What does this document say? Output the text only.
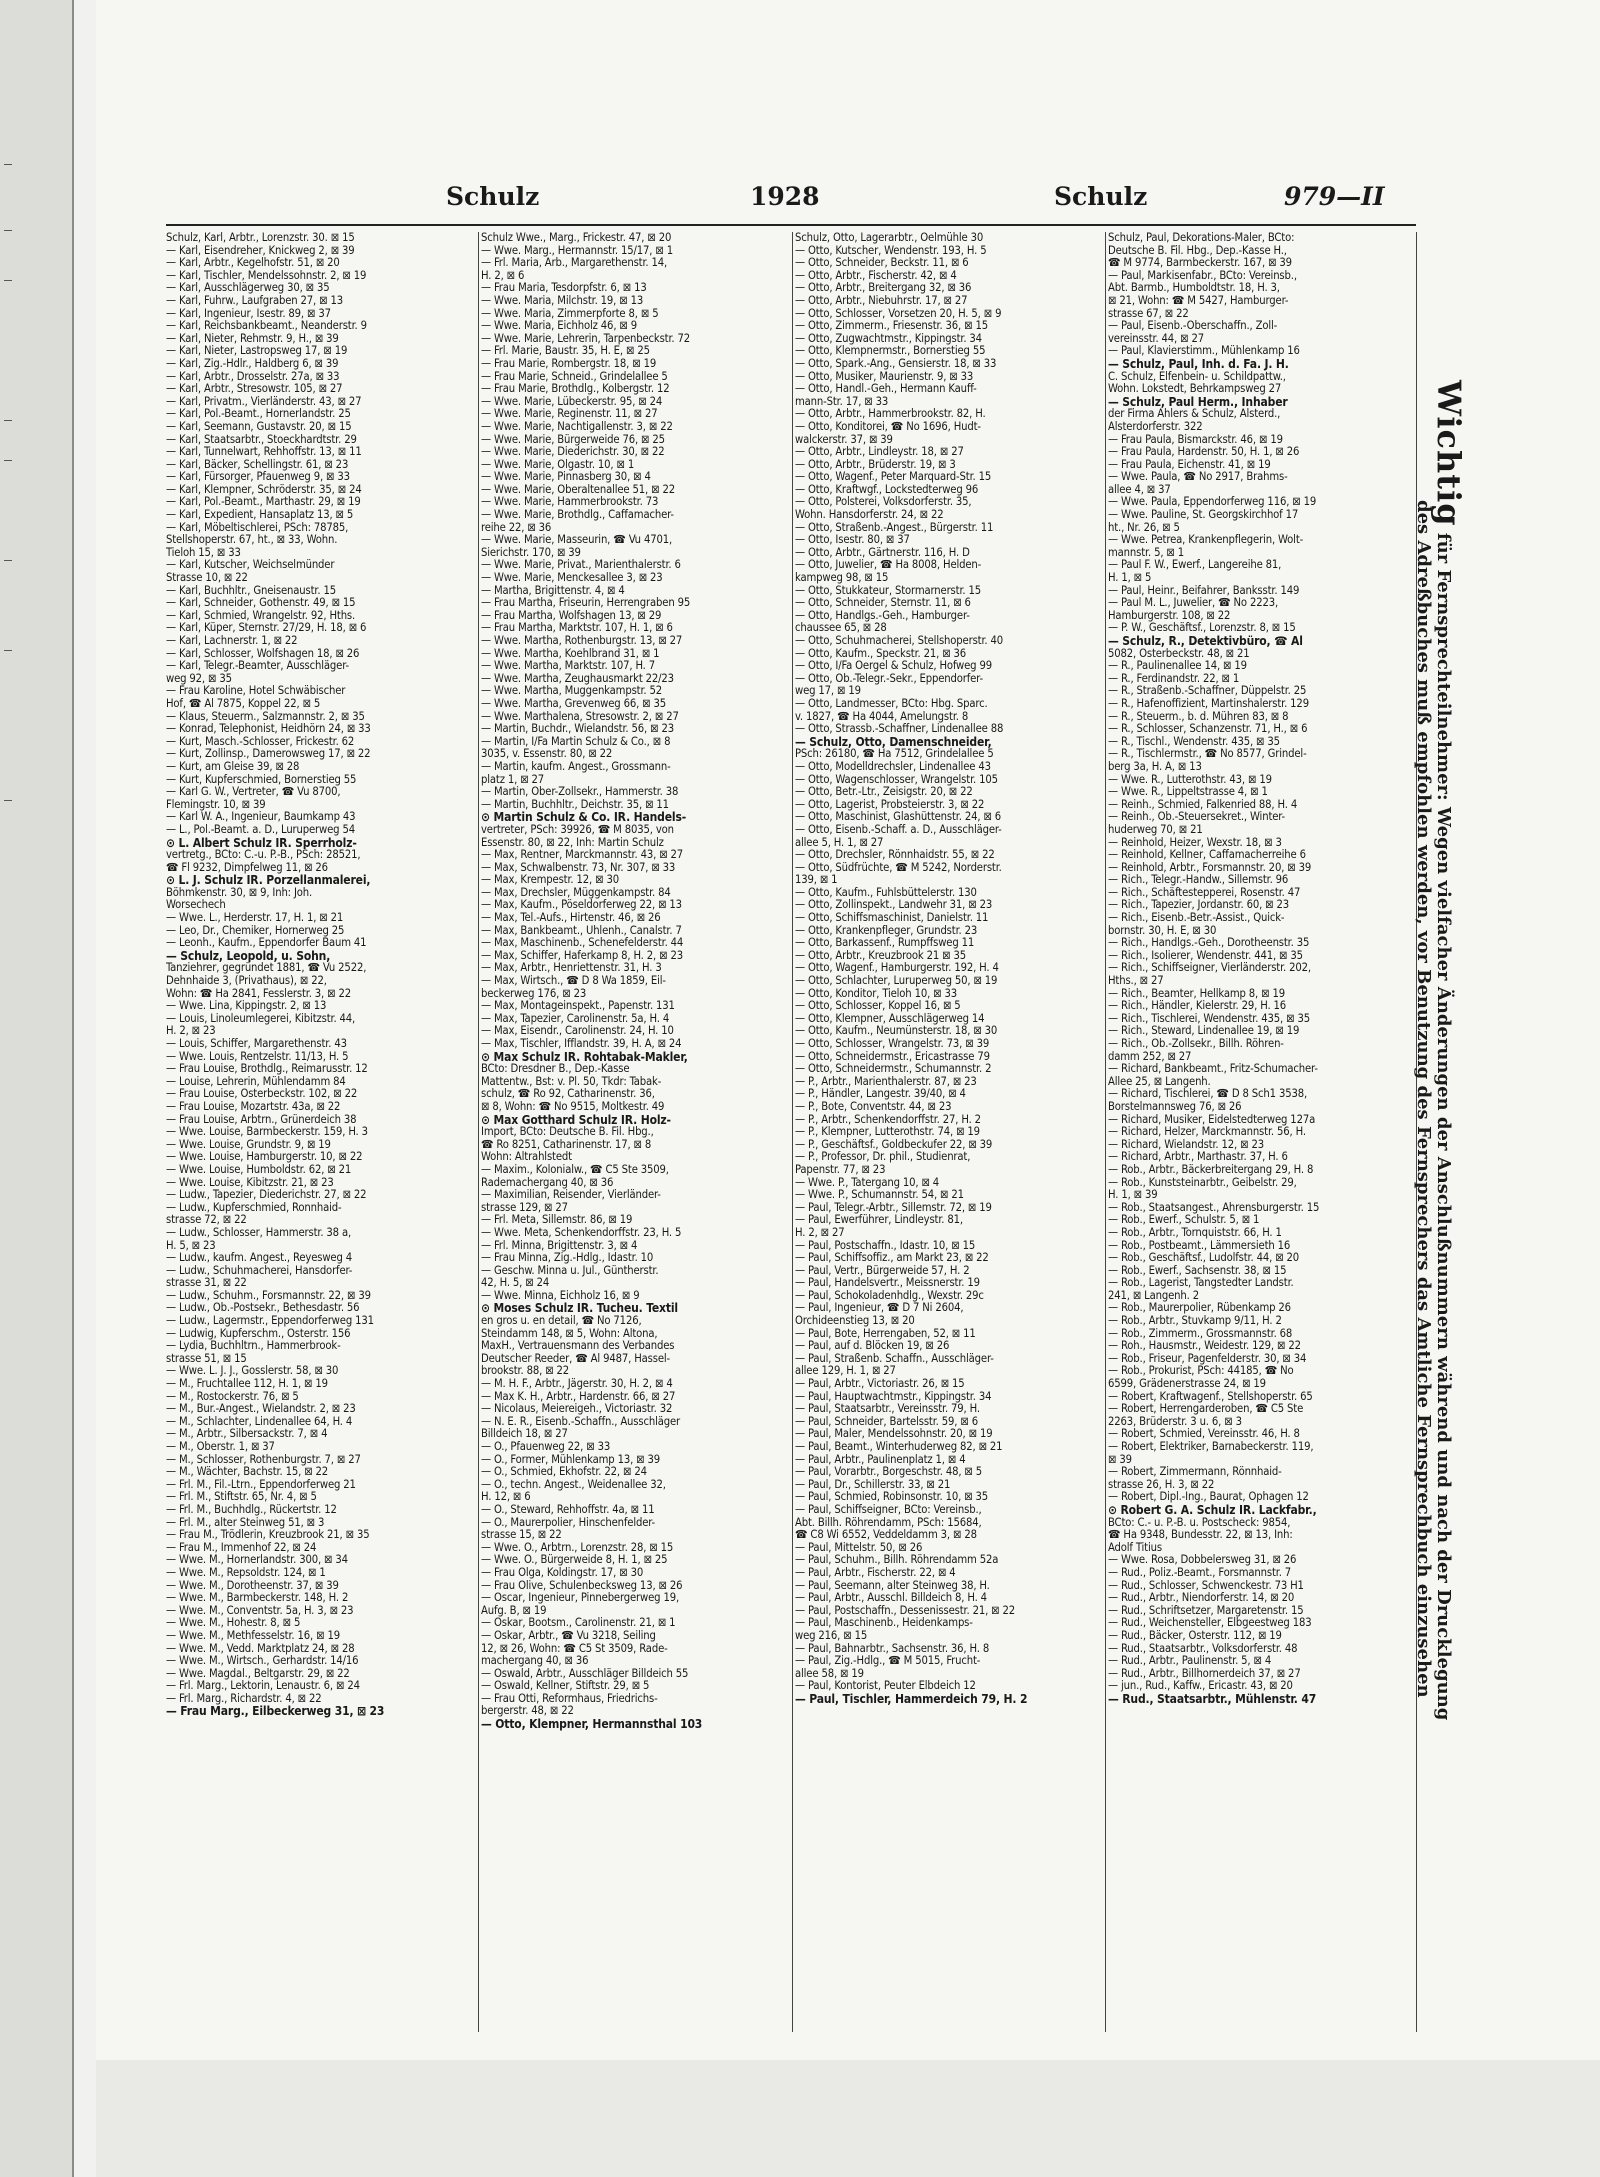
Schulz	1928	Schulz	979—II
Schulz, Karl, Arbtr., Lorenzstr. 30. ⊠ 15
— Karl, Eisendreher, Knickweg 2, ⊠ 39
— Karl, Arbtr., Kegelhofstr. 51, ⊠ 20
— Karl, Tischler, Mendelssohnstr. 2, ⊠ 19
— Karl, Ausschlägerweg 30, ⊠ 35
— Karl, Fuhrw., Laufgraben 27, ⊠ 13
— Karl, Ingenieur, Isestr. 89, ⊠ 37
— Karl, Reichsbankbeamt., Neanderstr. 9
— Karl, Nieter, Rehmstr. 9, H., ⊠ 39
— Karl, Nieter, Lastropsweg 17, ⊠ 19
— Karl, Zig.-Hdlr., Haldberg 6, ⊠ 39
— Karl, Arbtr., Drosselstr. 27a, ⊠ 33
— Karl, Arbtr., Stresowstr. 105, ⊠ 27
— Karl, Privatm., Vierländerstr. 43, ⊠ 27
— Karl, Pol.-Beamt., Hornerlandstr. 25
— Karl, Seemann, Gustavstr. 20, ⊠ 15
— Karl, Staatsarbtr., Stoeckhardtstr. 29
— Karl, Tunnelwart, Rehhoffstr. 13, ⊠ 11
— Karl, Bäcker, Schellingstr. 61, ⊠ 23
— Karl, Fürsorger, Pfauenweg 9, ⊠ 33
— Karl, Klempner, Schröderstr. 35, ⊠ 24
— Karl, Pol.-Beamt., Marthastr. 29, ⊠ 19
— Karl, Expedient, Hansaplatz 13, ⊠ 5
— Karl, Möbeltischlerei, PSch: 78785,
Stellshoperstr. 67, ht., ⊠ 33, Wohn.
Tieloh 15, ⊠ 33
— Karl, Kutscher, Weichselmünder
Strasse 10, ⊠ 22
— Karl, Buchhltr., Gneisenaustr. 15
— Karl, Schneider, Gothenstr. 49, ⊠ 15
— Karl, Schmied, Wrangelstr. 92, Hths.
— Karl, Küper, Sternstr. 27/29, H. 18, ⊠ 6
— Karl, Lachnerstr. 1, ⊠ 22
— Karl, Schlosser, Wolfshagen 18, ⊠ 26
— Karl, Telegr.-Beamter, Ausschläger-
weg 92, ⊠ 35
— Frau Karoline, Hotel Schwäbischer
Hof, ☎ Al 7875, Koppel 22, ⊠ 5
— Klaus, Steuerm., Salzmannstr. 2, ⊠ 35
— Konrad, Telephonist, Heidhörn 24, ⊠ 33
— Kurt, Masch.-Schlosser, Frickestr. 62
— Kurt, Zollinsp., Damerowsweg 17, ⊠ 22
— Kurt, am Gleise 39, ⊠ 28
— Kurt, Kupferschmied, Bornerstieg 55
— Karl G. W., Vertreter, ☎ Vu 8700,
Flemingstr. 10, ⊠ 39
— Karl W. A., Ingenieur, Baumkamp 43
— L., Pol.-Beamt. a. D., Luruperweg 54
⊙ L. Albert Schulz IR. Sperrholz-
vertretg., BCto: C.-u. P.-B., PSch: 28521,
☎ Fl 9232, Dimpfelweg 11, ⊠ 26
⊙ L. J. Schulz IR. Porzellanmalerei,
Böhmkenstr. 30, ⊠ 9, Inh: Joh.
Worsechech
— Wwe. L., Herderstr. 17, H. 1, ⊠ 21
— Leo, Dr., Chemiker, Hornerweg 25
— Leonh., Kaufm., Eppendorfer Baum 41
— Schulz, Leopold, u. Sohn,
Tanziehrer, gegründet 1881, ☎ Vu 2522,
Dehnhaide 3, (Privathaus), ⊠ 22,
Wohn: ☎ Ha 2841, Fesslerstr. 3, ⊠ 22
— Wwe. Lina, Kippingstr. 2, ⊠ 13
— Louis, Linoleumlegerei, Kibitzstr. 44,
H. 2, ⊠ 23
— Louis, Schiffer, Margarethenstr. 43
— Wwe. Louis, Rentzelstr. 11/13, H. 5
— Frau Louise, Brothdlg., Reimarusstr. 12
— Louise, Lehrerin, Mühlendamm 84
— Frau Louise, Osterbeckstr. 102, ⊠ 22
— Frau Louise, Mozartstr. 43a, ⊠ 22
— Frau Louise, Arbtrn., Grünerdeich 38
— Wwe. Louise, Barmbeckerstr. 159, H. 3
— Wwe. Louise, Grundstr. 9, ⊠ 19
— Wwe. Louise, Hamburgerstr. 10, ⊠ 22
— Wwe. Louise, Humboldstr. 62, ⊠ 21
— Wwe. Louise, Kibitzstr. 21, ⊠ 23
— Ludw., Tapezier, Diederichstr. 27, ⊠ 22
— Ludw., Kupferschmied, Ronnhaid-
strasse 72, ⊠ 22
— Ludw., Schlosser, Hammerstr. 38 a,
H. 5, ⊠ 23
— Ludw., kaufm. Angest., Reyesweg 4
— Ludw., Schuhmacherei, Hansdorfer-
strasse 31, ⊠ 22
— Ludw., Schuhm., Forsmannstr. 22, ⊠ 39
— Ludw., Ob.-Postsekr., Bethesdastr. 56
— Ludw., Lagermstr., Eppendorferweg 131
— Ludwig, Kupferschm., Osterstr. 156
— Lydia, Buchhltrn., Hammerbrook-
strasse 51, ⊠ 15
— Wwe. L. J. J., Gosslerstr. 58, ⊠ 30
— M., Fruchtallee 112, H. 1, ⊠ 19
— M., Rostockerstr. 76, ⊠ 5
— M., Bur.-Angest., Wielandstr. 2, ⊠ 23
— M., Schlachter, Lindenallee 64, H. 4
— M., Arbtr., Silbersackstr. 7, ⊠ 4
— M., Oberstr. 1, ⊠ 37
— M., Schlosser, Rothenburgstr. 7, ⊠ 27
— M., Wächter, Bachstr. 15, ⊠ 22
— Frl. M., Fil.-Ltrn., Eppendorferweg 21
— Frl. M., Stiftstr. 65, Nr. 4, ⊠ 5
— Frl. M., Buchhdlg., Rückertstr. 12
— Frl. M., alter Steinweg 51, ⊠ 3
— Frau M., Trödlerin, Kreuzbrook 21, ⊠ 35
— Frau M., Immenhof 22, ⊠ 24
— Wwe. M., Hornerlandstr. 300, ⊠ 34
— Wwe. M., Repsoldstr. 124, ⊠ 1
— Wwe. M., Dorotheenstr. 37, ⊠ 39
— Wwe. M., Barmbeckerstr. 148, H. 2
— Wwe. M., Conventstr. 5a, H. 3, ⊠ 23
— Wwe. M., Hohestr. 8, ⊠ 5
— Wwe. M., Methfesselstr. 16, ⊠ 19
— Wwe. M., Vedd. Marktplatz 24, ⊠ 28
— Wwe. M., Wirtsch., Gerhardstr. 14/16
— Wwe. Magdal., Beltgarstr. 29, ⊠ 22
— Frl. Marg., Lektorin, Lenaustr. 6, ⊠ 24
— Frl. Marg., Richardstr. 4, ⊠ 22
— Frau Marg., Eilbeckerweg 31, ⊠ 23
Schulz Wwe., Marg., Frickestr. 47, ⊠ 20
— Wwe. Marg., Hermannstr. 15/17, ⊠ 1
— Frl. Maria, Arb., Margarethenstr. 14,
H. 2, ⊠ 6
— Frau Maria, Tesdorpfstr. 6, ⊠ 13
— Wwe. Maria, Milchstr. 19, ⊠ 13
— Wwe. Maria, Zimmerpforte 8, ⊠ 5
— Wwe. Maria, Eichholz 46, ⊠ 9
— Wwe. Marie, Lehrerin, Tarpenbeckstr. 72
— Frl. Marie, Baustr. 35, H. E, ⊠ 25
— Frau Marie, Rombergstr. 18, ⊠ 19
— Frau Marie, Schneid., Grindelallee 5
— Frau Marie, Brothdlg., Kolbergstr. 12
— Wwe. Marie, Lübeckerstr. 95, ⊠ 24
— Wwe. Marie, Reginenstr. 11, ⊠ 27
— Wwe. Marie, Nachtigallenstr. 3, ⊠ 22
— Wwe. Marie, Bürgerweide 76, ⊠ 25
— Wwe. Marie, Diederichstr. 30, ⊠ 22
— Wwe. Marie, Olgastr. 10, ⊠ 1
— Wwe. Marie, Pinnasberg 30, ⊠ 4
— Wwe. Marie, Oberaltenallee 51, ⊠ 22
— Wwe. Marie, Hammerbrookstr. 73
— Wwe. Marie, Brothdlg., Caffamacher-
reihe 22, ⊠ 36
— Wwe. Marie, Masseurin, ☎ Vu 4701,
Sierichstr. 170, ⊠ 39
— Wwe. Marie, Privat., Marienthalerstr. 6
— Wwe. Marie, Menckesallee 3, ⊠ 23
— Martha, Brigittenstr. 4, ⊠ 4
— Frau Martha, Friseurin, Herrengraben 95
— Frau Martha, Wolfshagen 13, ⊠ 29
— Frau Martha, Marktstr. 107, H. 1, ⊠ 6
— Wwe. Martha, Rothenburgstr. 13, ⊠ 27
— Wwe. Martha, Koehlbrand 31, ⊠ 1
— Wwe. Martha, Marktstr. 107, H. 7
— Wwe. Martha, Zeughausmarkt 22/23
— Wwe. Martha, Muggenkampstr. 52
— Wwe. Martha, Grevenweg 66, ⊠ 35
— Wwe. Marthalena, Stresowstr. 2, ⊠ 27
— Martin, Buchdr., Wielandstr. 56, ⊠ 23
— Martin, I/Fa Martin Schulz & Co., ⊠ 8
3035, v. Essenstr. 80, ⊠ 22
— Martin, kaufm. Angest., Grossmann-
platz 1, ⊠ 27
— Martin, Ober-Zollsekr., Hammerstr. 38
— Martin, Buchhltr., Deichstr. 35, ⊠ 11
⊙ Martin Schulz & Co. IR. Handels-
vertreter, PSch: 39926, ☎ M 8035, von
Essenstr. 80, ⊠ 22, Inh: Martin Schulz
— Max, Rentner, Marckmannstr. 43, ⊠ 27
— Max, Schwalbenstr. 73, Nr. 307, ⊠ 33
— Max, Krempestr. 12, ⊠ 30
— Max, Drechsler, Müggenkampstr. 84
— Max, Kaufm., Pöseldorferweg 22, ⊠ 13
— Max, Tel.-Aufs., Hirtenstr. 46, ⊠ 26
— Max, Bankbeamt., Uhlenh., Canalstr. 7
— Max, Maschinenb., Schenefelderstr. 44
— Max, Schiffer, Haferkamp 8, H. 2, ⊠ 23
— Max, Arbtr., Henriettenstr. 31, H. 3
— Max, Wirtsch., ☎ D 8 Wa 1859, Eil-
beckerweg 176, ⊠ 23
— Max, Montageinspekt., Papenstr. 131
— Max, Tapezier, Carolinenstr. 5a, H. 4
— Max, Eisendr., Carolinenstr. 24, H. 10
— Max, Tischler, Ifflandstr. 39, H. A, ⊠ 24
⊙ Max Schulz IR. Rohtabak-Makler,
BCto: Dresdner B., Dep.-Kasse
Mattentw., Bst: v. Pl. 50, Tkdr: Tabak-
schulz, ☎ Ro 92, Catharinenstr. 36,
⊠ 8, Wohn: ☎ No 9515, Moltkestr. 49
⊙ Max Gotthard Schulz IR. Holz-
Import, BCto: Deutsche B. Fil. Hbg.,
☎ Ro 8251, Catharinenstr. 17, ⊠ 8
Wohn: Altrahlstedt
— Maxim., Kolonialw., ☎ C5 Ste 3509,
Rademachergang 40, ⊠ 36
— Maximilian, Reisender, Vierländer-
strasse 129, ⊠ 27
— Frl. Meta, Sillemstr. 86, ⊠ 19
— Wwe. Meta, Schenkendorffstr. 23, H. 5
— Frl. Minna, Brigittenstr. 3, ⊠ 4
— Frau Minna, Zig.-Hdlg., Idastr. 10
— Geschw. Minna u. Jul., Güntherstr.
42, H. 5, ⊠ 24
— Wwe. Minna, Eichholz 16, ⊠ 9
⊙ Moses Schulz IR. Tucheu. Textil
en gros u. en detail, ☎ No 7126,
Steindamm 148, ⊠ 5, Wohn: Altona,
MaxH., Vertrauensmann des Verbandes
Deutscher Reeder, ☎ Al 9487, Hassel-
brookstr. 88, ⊠ 22
— M. H. F., Arbtr., Jägerstr. 30, H. 2, ⊠ 4
— Max K. H., Arbtr., Hardenstr. 66, ⊠ 27
— Nicolaus, Meiereigeh., Victoriastr. 32
— N. E. R., Eisenb.-Schaffn., Ausschläger
Billdeich 18, ⊠ 27
— O., Pfauenweg 22, ⊠ 33
— O., Former, Mühlenkamp 13, ⊠ 39
— O., Schmied, Ekhofstr. 22, ⊠ 24
— O., techn. Angest., Weidenallee 32,
H. 12, ⊠ 6
— O., Steward, Rehhoffstr. 4a, ⊠ 11
— O., Maurerpolier, Hinschenfelder-
strasse 15, ⊠ 22
— Wwe. O., Arbtrn., Lorenzstr. 28, ⊠ 15
— Wwe. O., Bürgerweide 8, H. 1, ⊠ 25
— Frau Olga, Koldingstr. 17, ⊠ 30
— Frau Olive, Schulenbecksweg 13, ⊠ 26
— Oscar, Ingenieur, Pinnebergerweg 19,
Aufg. B, ⊠ 19
— Oskar, Bootsm., Carolinenstr. 21, ⊠ 1
— Oskar, Arbtr., ☎ Vu 3218, Seiling
12, ⊠ 26, Wohn: ☎ C5 St 3509, Rade-
machergang 40, ⊠ 36
— Oswald, Arbtr., Ausschläger Billdeich 55
— Oswald, Kellner, Stiftstr. 29, ⊠ 5
— Frau Otti, Reformhaus, Friedrichs-
bergerstr. 48, ⊠ 22
— Otto, Klempner, Hermannsthal 103
Schulz, Otto, Lagerarbtr., Oelmühle 30
— Otto, Kutscher, Wendenstr. 193, H. 5
— Otto, Schneider, Beckstr. 11, ⊠ 6
— Otto, Arbtr., Fischerstr. 42, ⊠ 4
— Otto, Arbtr., Breitergang 32, ⊠ 36
— Otto, Arbtr., Niebuhrstr. 17, ⊠ 27
— Otto, Schlosser, Vorsetzen 20, H. 5, ⊠ 9
— Otto, Zimmerm., Friesenstr. 36, ⊠ 15
— Otto, Zugwachtmstr., Kippingstr. 34
— Otto, Klempnermstr., Bornerstieg 55
— Otto, Spark.-Ang., Gensierstr. 18, ⊠ 33
— Otto, Musiker, Maurienstr. 9, ⊠ 33
— Otto, Handl.-Geh., Hermann Kauff-
mann-Str. 17, ⊠ 33
— Otto, Arbtr., Hammerbrookstr. 82, H.
— Otto, Konditorei, ☎ No 1696, Hudt-
walckerstr. 37, ⊠ 39
— Otto, Arbtr., Lindleystr. 18, ⊠ 27
— Otto, Arbtr., Brüderstr. 19, ⊠ 3
— Otto, Wagenf., Peter Marquard-Str. 15
— Otto, Kraftwgf., Lockstedterweg 96
— Otto, Polsterei, Volksdorferstr. 35,
Wohn. Hansdorferstr. 24, ⊠ 22
— Otto, Straßenb.-Angest., Bürgerstr. 11
— Otto, Isestr. 80, ⊠ 37
— Otto, Arbtr., Gärtnerstr. 116, H. D
— Otto, Juwelier, ☎ Ha 8008, Helden-
kampweg 98, ⊠ 15
— Otto, Stukkateur, Stormarnerstr. 15
— Otto, Schneider, Sternstr. 11, ⊠ 6
— Otto, Handlgs.-Geh., Hamburger-
chaussee 65, ⊠ 28
— Otto, Schuhmacherei, Stellshoperstr. 40
— Otto, Kaufm., Speckstr. 21, ⊠ 36
— Otto, I/Fa Oergel & Schulz, Hofweg 99
— Otto, Ob.-Telegr.-Sekr., Eppendorfer-
weg 17, ⊠ 19
— Otto, Landmesser, BCto: Hbg. Sparc.
v. 1827, ☎ Ha 4044, Amelungstr. 8
— Otto, Strassb.-Schaffner, Lindenallee 88
— Schulz, Otto, Damenschneider,
PSch: 26180, ☎ Ha 7512, Grindelallee 5
— Otto, Modelldrechsler, Lindenallee 43
— Otto, Wagenschlosser, Wrangelstr. 105
— Otto, Betr.-Ltr., Zeisigstr. 20, ⊠ 22
— Otto, Lagerist, Probsteierstr. 3, ⊠ 22
— Otto, Maschinist, Glashüttenstr. 24, ⊠ 6
— Otto, Eisenb.-Schaff. a. D., Ausschläger-
allee 5, H. 1, ⊠ 27
— Otto, Drechsler, Rönnhaidstr. 55, ⊠ 22
— Otto, Südfrüchte, ☎ M 5242, Norderstr.
139, ⊠ 1
— Otto, Kaufm., Fuhlsbüttelerstr. 130
— Otto, Zollinspekt., Landwehr 31, ⊠ 23
— Otto, Schiffsmaschinist, Danielstr. 11
— Otto, Krankenpfleger, Grundstr. 23
— Otto, Barkassenf., Rumpffsweg 11
— Otto, Arbtr., Kreuzbrook 21 ⊠ 35
— Otto, Wagenf., Hamburgerstr. 192, H. 4
— Otto, Schlachter, Luruperweg 50, ⊠ 19
— Otto, Konditor, Tieloh 10, ⊠ 33
— Otto, Schlosser, Koppel 16, ⊠ 5
— Otto, Klempner, Ausschlägerweg 14
— Otto, Kaufm., Neumünsterstr. 18, ⊠ 30
— Otto, Schlosser, Wrangelstr. 73, ⊠ 39
— Otto, Schneidermstr., Ericastrasse 79
— Otto, Schneidermstr., Schumannstr. 2
— P., Arbtr., Marienthalerstr. 87, ⊠ 23
— P., Händler, Langestr. 39/40, ⊠ 4
— P., Bote, Conventstr. 44, ⊠ 23
— P., Arbtr., Schenkendorffstr. 27, H. 2
— P., Klempner, Lutterothstr. 74, ⊠ 19
— P., Geschäftsf., Goldbeckufer 22, ⊠ 39
— P., Professor, Dr. phil., Studienrat,
Papenstr. 77, ⊠ 23
— Wwe. P., Tatergang 10, ⊠ 4
— Wwe. P., Schumannstr. 54, ⊠ 21
— Paul, Telegr.-Arbtr., Sillemstr. 72, ⊠ 19
— Paul, Ewerführer, Lindleystr. 81,
H. 2, ⊠ 27
— Paul, Postschaffn., Idastr. 10, ⊠ 15
— Paul, Schiffsoffiz., am Markt 23, ⊠ 22
— Paul, Vertr., Bürgerweide 57, H. 2
— Paul, Handelsvertr., Meissnerstr. 19
— Paul, Schokoladenhdlg., Wexstr. 29c
— Paul, Ingenieur, ☎ D 7 Ni 2604,
Orchideenstieg 13, ⊠ 20
— Paul, Bote, Herrengaben, 52, ⊠ 11
— Paul, auf d. Blöcken 19, ⊠ 26
— Paul, Straßenb. Schaffn., Ausschläger-
allee 129, H. 1, ⊠ 27
— Paul, Arbtr., Victoriastr. 26, ⊠ 15
— Paul, Hauptwachtmstr., Kippingstr. 34
— Paul, Staatsarbtr., Vereinsstr. 79, H.
— Paul, Schneider, Bartelsstr. 59, ⊠ 6
— Paul, Maler, Mendelssohnstr. 20, ⊠ 19
— Paul, Beamt., Winterhuderweg 82, ⊠ 21
— Paul, Arbtr., Paulinenplatz 1, ⊠ 4
— Paul, Vorarbtr., Borgeschstr. 48, ⊠ 5
— Paul, Dr., Schillerstr. 33, ⊠ 21
— Paul, Schmied, Robinsonstr. 10, ⊠ 35
— Paul, Schiffseigner, BCto: Vereinsb.,
Abt. Billh. Röhrendamm, PSch: 15684,
☎ C8 Wi 6552, Veddeldamm 3, ⊠ 28
— Paul, Mittelstr. 50, ⊠ 26
— Paul, Schuhm., Billh. Röhrendamm 52a
— Paul, Arbtr., Fischerstr. 22, ⊠ 4
— Paul, Seemann, alter Steinweg 38, H.
— Paul, Arbtr., Ausschl. Billdeich 8, H. 4
— Paul, Postschaffn., Dessenissestr. 21, ⊠ 22
— Paul, Maschinenb., Heidenkamps-
weg 216, ⊠ 15
— Paul, Bahnarbtr., Sachsenstr. 36, H. 8
— Paul, Zig.-Hdlg., ☎ M 5015, Frucht-
allee 58, ⊠ 19
— Paul, Kontorist, Peuter Elbdeich 12
— Paul, Tischler, Hammerdeich 79, H. 2
Schulz, Paul, Dekorations-Maler, BCto:
Deutsche B. Fil. Hbg., Dep.-Kasse H.,
☎ M 9774, Barmbeckerstr. 167, ⊠ 39
— Paul, Markisenfabr., BCto: Vereinsb.,
Abt. Barmb., Humboldtstr. 18, H. 3,
⊠ 21, Wohn: ☎ M 5427, Hamburger-
strasse 67, ⊠ 22
— Paul, Eisenb.-Oberschaffn., Zoll-
vereinsstr. 44, ⊠ 27
— Paul, Klavierstimm., Mühlenkamp 16
— Schulz, Paul, Inh. d. Fa. J. H.
C. Schulz, Elfenbein- u. Schildpattw.,
Wohn. Lokstedt, Behrkampsweg 27
— Schulz, Paul Herm., Inhaber
der Firma Ahlers & Schulz, Alsterd.,
Alsterdorferstr. 322
— Frau Paula, Bismarckstr. 46, ⊠ 19
— Frau Paula, Hardenstr. 50, H. 1, ⊠ 26
— Frau Paula, Eichenstr. 41, ⊠ 19
— Wwe. Paula, ☎ No 2917, Brahms-
allee 4, ⊠ 37
— Wwe. Paula, Eppendorferweg 116, ⊠ 19
— Wwe. Pauline, St. Georgskirchhof 17
ht., Nr. 26, ⊠ 5
— Wwe. Petrea, Krankenpflegerin, Wolt-
mannstr. 5, ⊠ 1
— Paul F. W., Ewerf., Langereihe 81,
H. 1, ⊠ 5
— Paul, Heinr., Beifahrer, Banksstr. 149
— Paul M. L., Juwelier, ☎ No 2223,
Hamburgerstr. 108, ⊠ 22
— P. W., Geschäftsf., Lorenzstr. 8, ⊠ 15
— Schulz, R., Detektivbüro, ☎ Al
5082, Osterbeckstr. 48, ⊠ 21
— R., Paulinenallee 14, ⊠ 19
— R., Ferdinandstr. 22, ⊠ 1
— R., Straßenb.-Schaffner, Düppelstr. 25
— R., Hafenoffizient, Martinshalerstr. 129
— R., Steuerm., b. d. Mühren 83, ⊠ 8
— R., Schlosser, Schanzenstr. 71, H., ⊠ 6
— R., Tischl., Wendenstr. 435, ⊠ 35
— R., Tischlermstr., ☎ No 8577, Grindel-
berg 3a, H. A, ⊠ 13
— Wwe. R., Lutterothstr. 43, ⊠ 19
— Wwe. R., Lippeltstrasse 4, ⊠ 1
— Reinh., Schmied, Falkenried 88, H. 4
— Reinh., Ob.-Steuersekret., Winter-
huderweg 70, ⊠ 21
— Reinhold, Heizer, Wexstr. 18, ⊠ 3
— Reinhold, Kellner, Caffamacherreihe 6
— Reinhold, Arbtr., Forsmannstr. 20, ⊠ 39
— Rich., Telegr.-Handw., Sillemstr. 96
— Rich., Schäftestepperei, Rosenstr. 47
— Rich., Tapezier, Jordanstr. 60, ⊠ 23
— Rich., Eisenb.-Betr.-Assist., Quick-
bornstr. 30, H. E, ⊠ 30
— Rich., Handlgs.-Geh., Dorotheenstr. 35
— Rich., Isolierer, Wendenstr. 441, ⊠ 35
— Rich., Schiffseigner, Vierländerstr. 202,
Hths., ⊠ 27
— Rich., Beamter, Hellkamp 8, ⊠ 19
— Rich., Händler, Kielerstr. 29, H. 16
— Rich., Tischlerei, Wendenstr. 435, ⊠ 35
— Rich., Steward, Lindenallee 19, ⊠ 19
— Rich., Ob.-Zollsekr., Billh. Röhren-
damm 252, ⊠ 27
— Richard, Bankbeamt., Fritz-Schumacher-
Allee 25, ⊠ Langenh.
— Richard, Tischlerei, ☎ D 8 Sch1 3538,
Borstelmannsweg 76, ⊠ 26
— Richard, Musiker, Eidelstedterweg 127a
— Richard, Helzer, Marckmannstr. 56, H.
— Richard, Wielandstr. 12, ⊠ 23
— Richard, Arbtr., Marthastr. 37, H. 6
— Rob., Arbtr., Bäckerbreitergang 29, H. 8
— Rob., Kunststeinarbtr., Geibelstr. 29,
H. 1, ⊠ 39
— Rob., Staatsangest., Ahrensburgerstr. 15
— Rob., Ewerf., Schulstr. 5, ⊠ 1
— Rob., Arbtr., Tornquiststr. 66, H. 1
— Rob., Postbeamt., Lämmersieth 16
— Rob., Geschäftsf., Ludolfstr. 44, ⊠ 20
— Rob., Ewerf., Sachsenstr. 38, ⊠ 15
— Rob., Lagerist, Tangstedter Landstr.
241, ⊠ Langenh. 2
— Rob., Maurerpolier, Rübenkamp 26
— Rob., Arbtr., Stuvkamp 9/11, H. 2
— Rob., Zimmerm., Grossmannstr. 68
— Roh., Hausmstr., Weidestr. 129, ⊠ 22
— Rob., Friseur, Pagenfelderstr. 30, ⊠ 34
— Rob., Prokurist, PSch: 44185, ☎ No
6599, Grädenerstrasse 24, ⊠ 19
— Robert, Kraftwagenf., Stellshoperstr. 65
— Robert, Herrengarderoben, ☎ C5 Ste
2263, Brüderstr. 3 u. 6, ⊠ 3
— Robert, Schmied, Vereinsstr. 46, H. 8
— Robert, Elektriker, Barnabeckerstr. 119,
⊠ 39
— Robert, Zimmermann, Rönnhaid-
strasse 26, H. 3, ⊠ 22
— Robert, Dipl.-Ing., Baurat, Ophagen 12
⊙ Robert G. A. Schulz IR. Lackfabr.,
BCto: C.- u. P.-B. u. Postscheck: 9854,
☎ Ha 9348, Bundesstr. 22, ⊠ 13, Inh:
Adolf Titius
— Wwe. Rosa, Dobbelersweg 31, ⊠ 26
— Rud., Poliz.-Beamt., Forsmannstr. 7
— Rud., Schlosser, Schwenckestr. 73 H1
— Rud., Arbtr., Niendorferstr. 14, ⊠ 20
— Rud., Schriftsetzer, Margaretenstr. 15
— Rud., Weichensteller, Elbgeestweg 183
— Rud., Bäcker, Osterstr. 112, ⊠ 19
— Rud., Staatsarbtr., Volksdorferstr. 48
— Rud., Arbtr., Paulinenstr. 5, ⊠ 4
— Rud., Arbtr., Billhornerdeich 37, ⊠ 27
— jun., Rud., Kaffw., Ericastr. 43, ⊠ 20
— Rud., Staatsarbtr., Mühlenstr. 47
Wichtig für Fernsprechteilnehmer: Wegen vielfacher Änderungen der Anschlußnummern während und nach der Drucklegung
des Adreßbuches muß empfohlen werden, vor Benutzung des Fernsprechers das Amtliche Fernsprechbuch einzusehen
